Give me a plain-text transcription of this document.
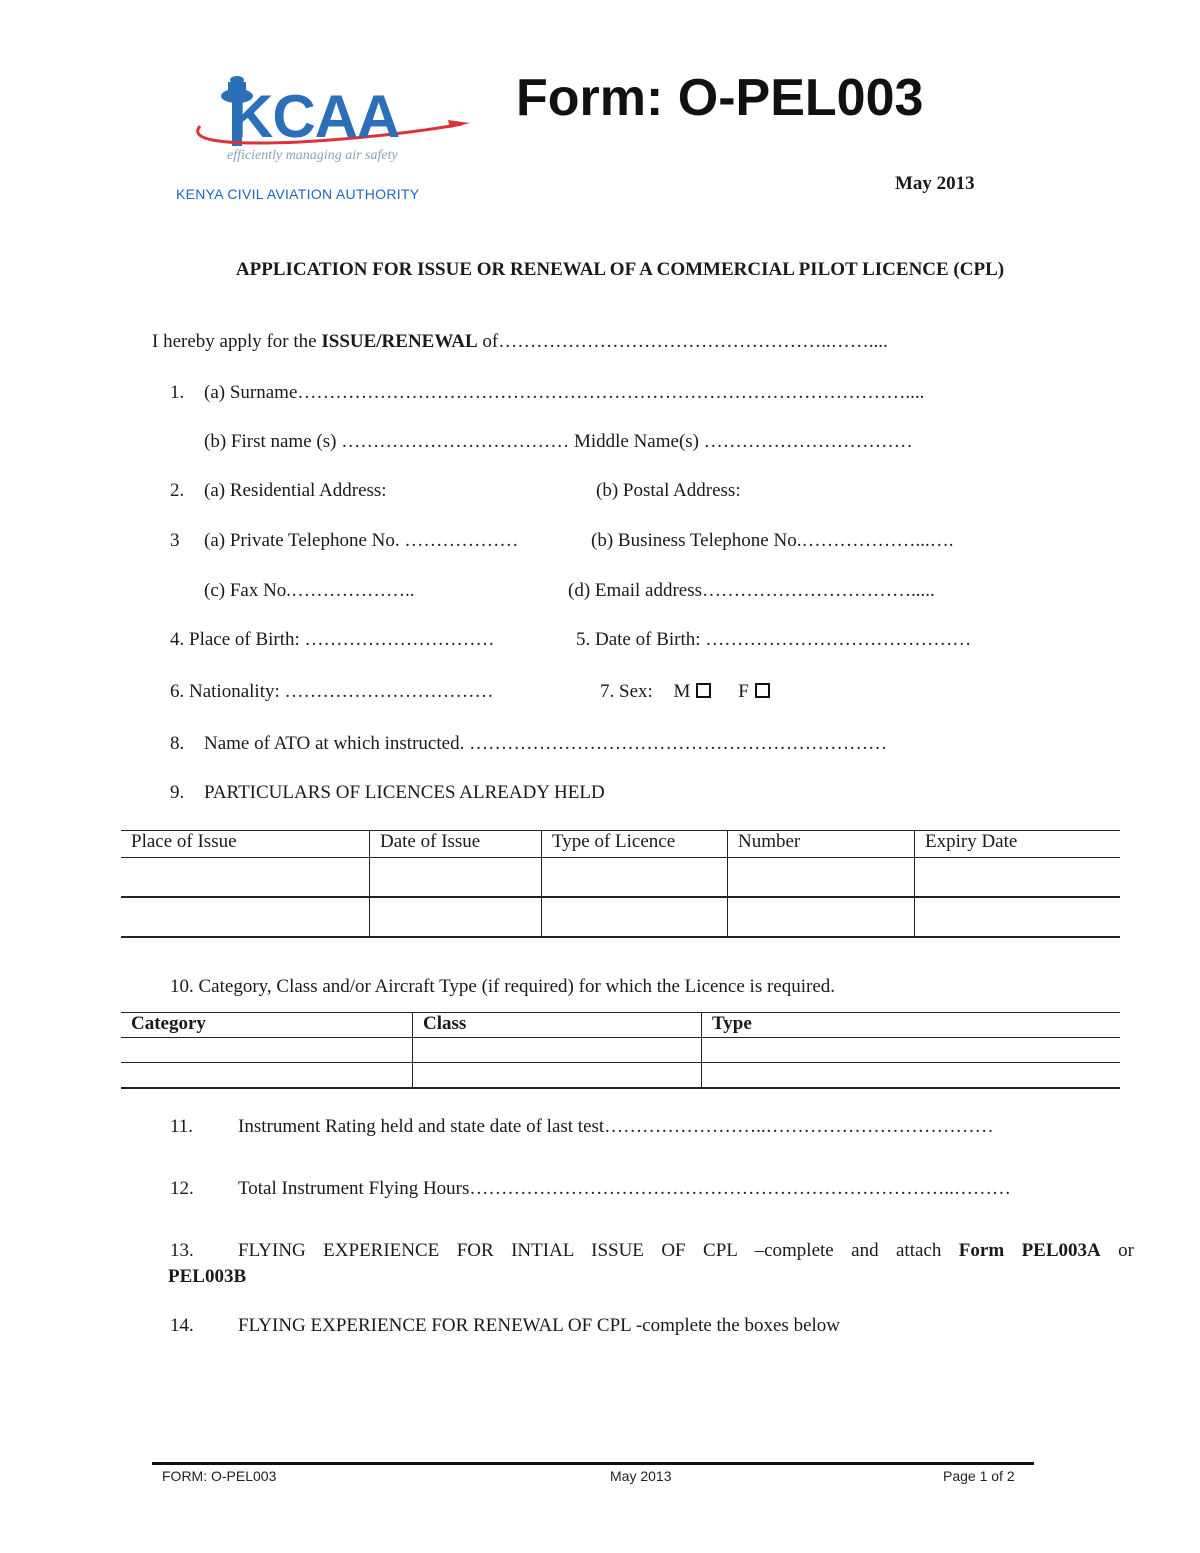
KCAA
efficiently managing air safety
KENYA CIVIL AVIATION AUTHORITY
Form: O-PEL003
May 2013
APPLICATION FOR ISSUE OR RENEWAL OF A COMMERCIAL PILOT LICENCE (CPL)
I hereby apply for the ISSUE/RENEWAL of……………………………………………..……....
1. (a) Surname……………………………………………………………………………………....
(b) First name (s) ……………………………… Middle Name(s) ……………………………
2. (a) Residential Address:	(b) Postal Address:
3 (a) Private Telephone No. ………………	(b) Business Telephone No.………………...….
(c) Fax No.………………..	(d) Email address…………………………….....
4. Place of Birth: …………………………	5. Date of Birth: ……………………………………
6. Nationality: ……………………………	7. Sex: M	F
8. Name of ATO at which instructed. …………………………………………………………
9. PARTICULARS OF LICENCES ALREADY HELD
Place of Issue	Date of Issue	Type of Licence	Number	Expiry Date

10. Category, Class and/or Aircraft Type (if required) for which the Licence is required.
Category	Class	Type

11. Instrument Rating held and state date of last test……………………..………………………………
12. Total Instrument Flying Hours…………………………………………………………………..………
13. FLYING EXPERIENCE FOR INTIAL ISSUE OF CPL –complete and attach Form PEL003A or
PEL003B
14. FLYING EXPERIENCE FOR RENEWAL OF CPL -complete the boxes below
FORM: O-PEL003	May 2013	Page 1 of 2
